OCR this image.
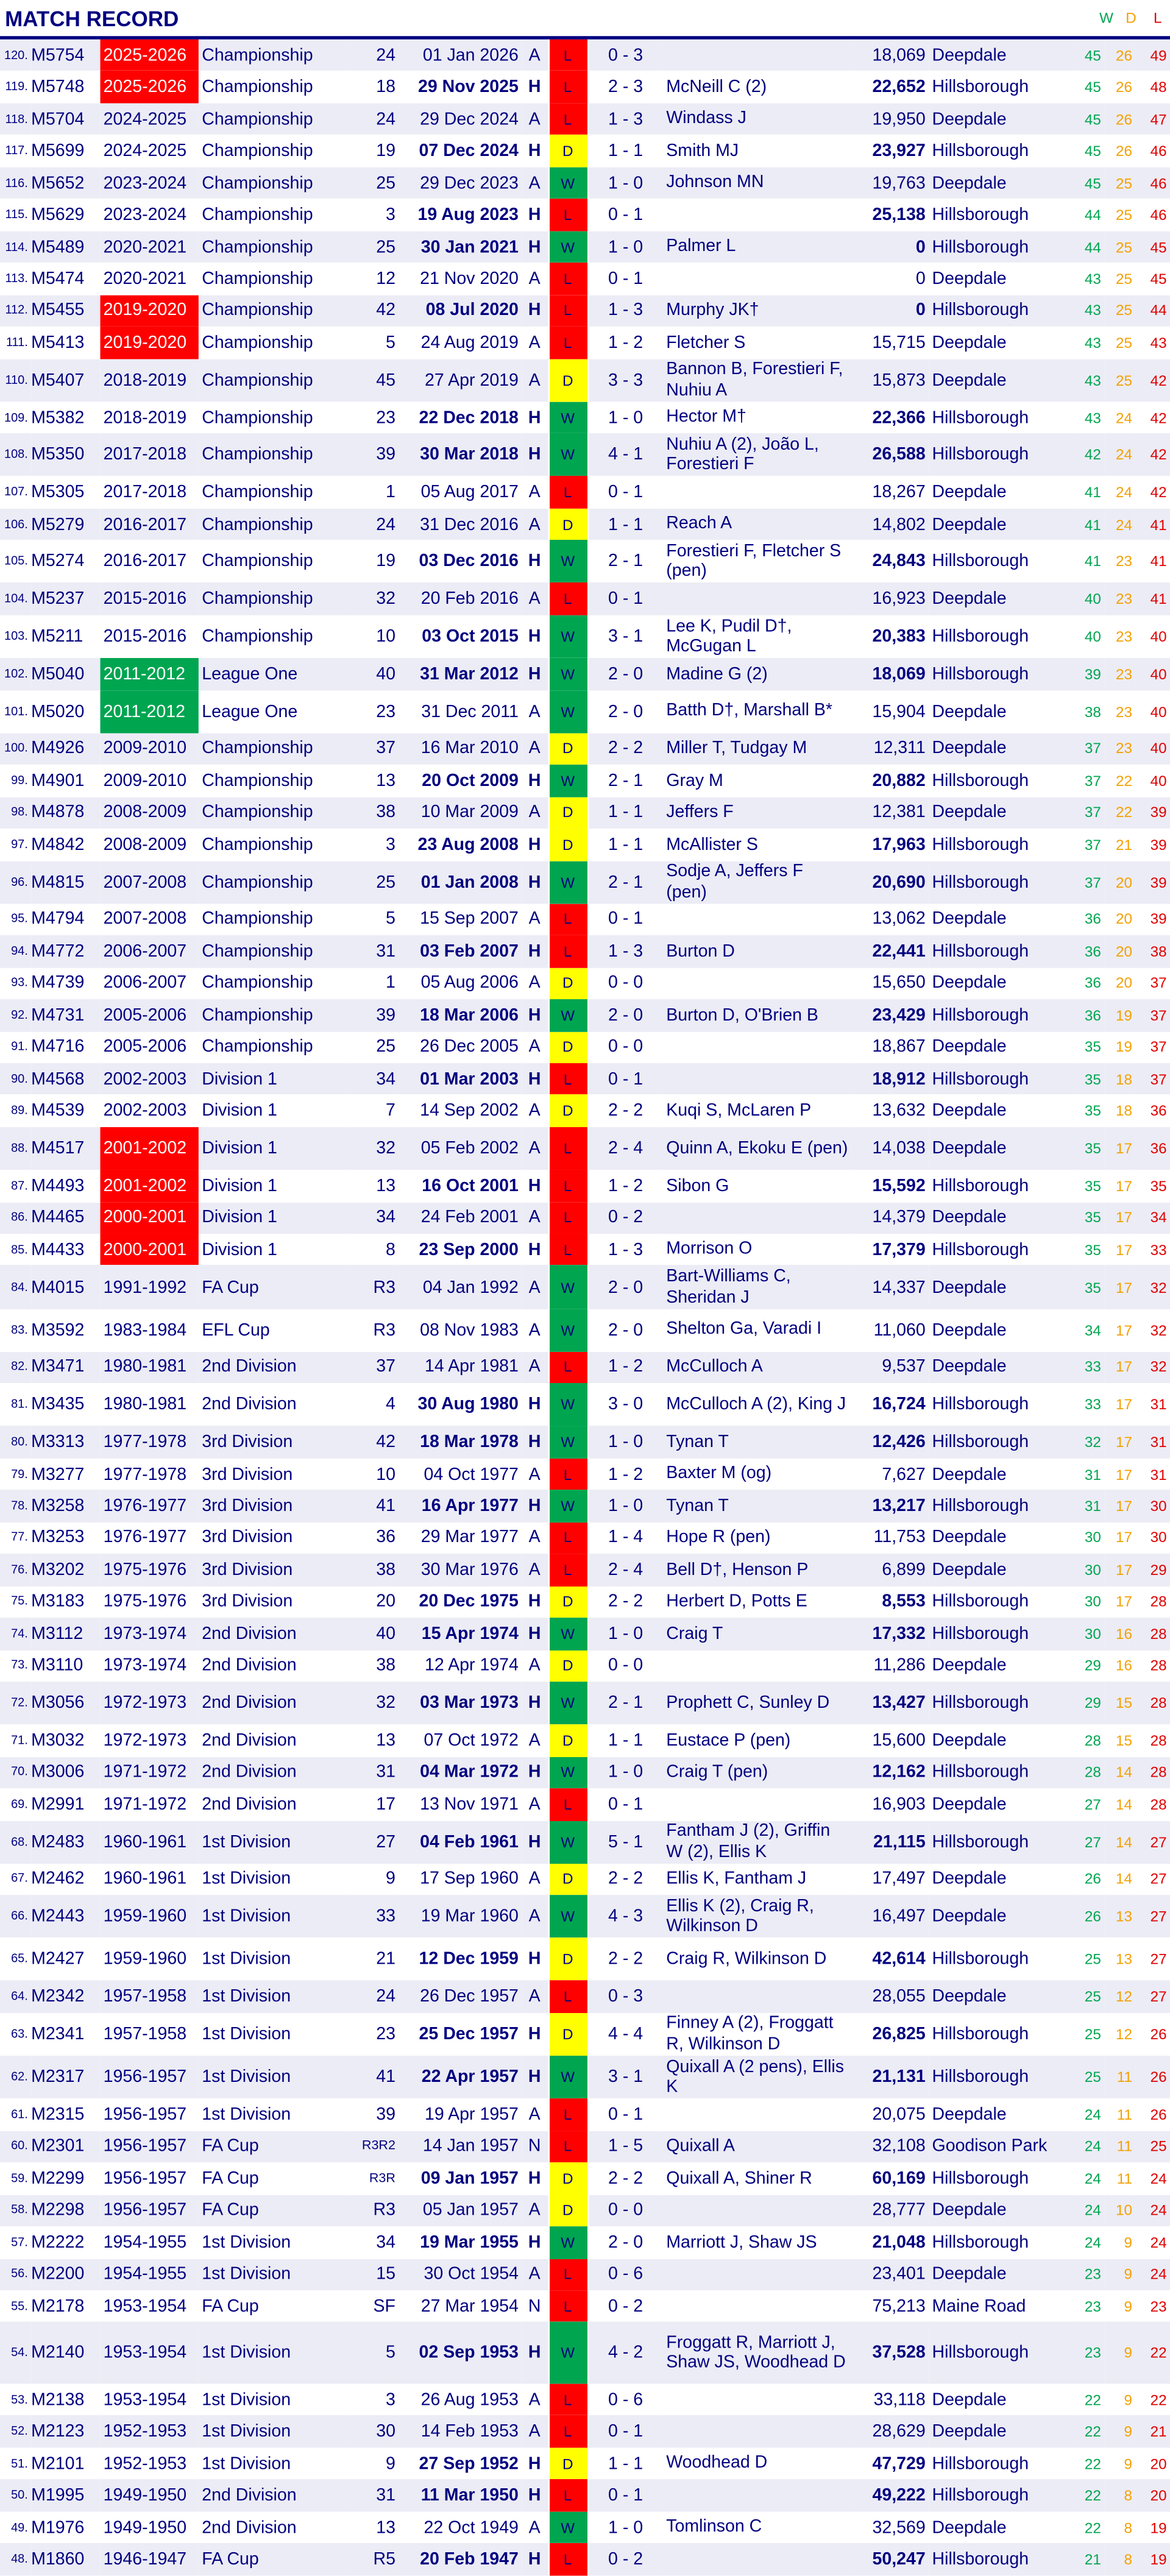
MATCH RECORD	W D	L
120.	M5754	2025-2026	Championship	24	01 Jan 2026	A	L	0 - 3		18,069	Deepdale	45	26	49
119.	M5748	2025-2026	Championship	18	29 Nov 2025	H	L	2 - 3	McNeill C (2)	22,652	Hillsborough	45	26	48
118.	M5704	2024-2025	Championship	24	29 Dec 2024	A	L	1 - 3	Windass J	19,950	Deepdale	45	26	47
117.	M5699	2024-2025	Championship	19	07 Dec 2024	H	D	1 - 1	Smith MJ	23,927	Hillsborough	45	26	46
116.	M5652	2023-2024	Championship	25	29 Dec 2023	A	W	1 - 0	Johnson MN	19,763	Deepdale	45	25	46
115.	M5629	2023-2024	Championship	3	19 Aug 2023	H	L	0 - 1		25,138	Hillsborough	44	25	46
114.	M5489	2020-2021	Championship	25	30 Jan 2021	H	W	1 - 0	Palmer L	0	Hillsborough	44	25	45
113.	M5474	2020-2021	Championship	12	21 Nov 2020	A	L	0 - 1		0	Deepdale	43	25	45
112.	M5455	2019-2020	Championship	42	08 Jul 2020	H	L	1 - 3	Murphy JK†	0	Hillsborough	43	25	44
111.	M5413	2019-2020	Championship	5	24 Aug 2019	A	L	1 - 2	Fletcher S	15,715	Deepdale	43	25	43
110.	M5407	2018-2019	Championship	45	27 Apr 2019	A	D	3 - 3	Bannon B, Forestieri F, Nuhiu A	15,873	Deepdale	43	25	42
109.	M5382	2018-2019	Championship	23	22 Dec 2018	H	W	1 - 0	Hector M†	22,366	Hillsborough	43	24	42
108.	M5350	2017-2018	Championship	39	30 Mar 2018	H	W	4 - 1	Nuhiu A (2), João L, Forestieri F	26,588	Hillsborough	42	24	42
107.	M5305	2017-2018	Championship	1	05 Aug 2017	A	L	0 - 1		18,267	Deepdale	41	24	42
106.	M5279	2016-2017	Championship	24	31 Dec 2016	A	D	1 - 1	Reach A	14,802	Deepdale	41	24	41
105.	M5274	2016-2017	Championship	19	03 Dec 2016	H	W	2 - 1	Forestieri F, Fletcher S (pen)	24,843	Hillsborough	41	23	41
104.	M5237	2015-2016	Championship	32	20 Feb 2016	A	L	0 - 1		16,923	Deepdale	40	23	41
103.	M5211	2015-2016	Championship	10	03 Oct 2015	H	W	3 - 1	Lee K, Pudil D†, McGugan L	20,383	Hillsborough	40	23	40
102.	M5040	2011-2012	League One	40	31 Mar 2012	H	W	2 - 0	Madine G (2)	18,069	Hillsborough	39	23	40
101.	M5020	2011-2012	League One	23	31 Dec 2011	A	W	2 - 0	Batth D†, Marshall B*	15,904	Deepdale	38	23	40
100.	M4926	2009-2010	Championship	37	16 Mar 2010	A	D	2 - 2	Miller T, Tudgay M	12,311	Deepdale	37	23	40
99.	M4901	2009-2010	Championship	13	20 Oct 2009	H	W	2 - 1	Gray M	20,882	Hillsborough	37	22	40
98.	M4878	2008-2009	Championship	38	10 Mar 2009	A	D	1 - 1	Jeffers F	12,381	Deepdale	37	22	39
97.	M4842	2008-2009	Championship	3	23 Aug 2008	H	D	1 - 1	McAllister S	17,963	Hillsborough	37	21	39
96.	M4815	2007-2008	Championship	25	01 Jan 2008	H	W	2 - 1	Sodje A, Jeffers F (pen)	20,690	Hillsborough	37	20	39
95.	M4794	2007-2008	Championship	5	15 Sep 2007	A	L	0 - 1		13,062	Deepdale	36	20	39
94.	M4772	2006-2007	Championship	31	03 Feb 2007	H	L	1 - 3	Burton D	22,441	Hillsborough	36	20	38
93.	M4739	2006-2007	Championship	1	05 Aug 2006	A	D	0 - 0		15,650	Deepdale	36	20	37
92.	M4731	2005-2006	Championship	39	18 Mar 2006	H	W	2 - 0	Burton D, O'Brien B	23,429	Hillsborough	36	19	37
91.	M4716	2005-2006	Championship	25	26 Dec 2005	A	D	0 - 0		18,867	Deepdale	35	19	37
90.	M4568	2002-2003	Division 1	34	01 Mar 2003	H	L	0 - 1		18,912	Hillsborough	35	18	37
89.	M4539	2002-2003	Division 1	7	14 Sep 2002	A	D	2 - 2	Kuqi S, McLaren P	13,632	Deepdale	35	18	36
88.	M4517	2001-2002	Division 1	32	05 Feb 2002	A	L	2 - 4	Quinn A, Ekoku E (pen)	14,038	Deepdale	35	17	36
87.	M4493	2001-2002	Division 1	13	16 Oct 2001	H	L	1 - 2	Sibon G	15,592	Hillsborough	35	17	35
86.	M4465	2000-2001	Division 1	34	24 Feb 2001	A	L	0 - 2		14,379	Deepdale	35	17	34
85.	M4433	2000-2001	Division 1	8	23 Sep 2000	H	L	1 - 3	Morrison O	17,379	Hillsborough	35	17	33
84.	M4015	1991-1992	FA Cup	R3	04 Jan 1992	A	W	2 - 0	Bart-Williams C, Sheridan J	14,337	Deepdale	35	17	32
83.	M3592	1983-1984	EFL Cup	R3	08 Nov 1983	A	W	2 - 0	Shelton Ga, Varadi I	11,060	Deepdale	34	17	32
82.	M3471	1980-1981	2nd Division	37	14 Apr 1981	A	L	1 - 2	McCulloch A	9,537	Deepdale	33	17	32
81.	M3435	1980-1981	2nd Division	4	30 Aug 1980	H	W	3 - 0	McCulloch A (2), King J	16,724	Hillsborough	33	17	31
80.	M3313	1977-1978	3rd Division	42	18 Mar 1978	H	W	1 - 0	Tynan T	12,426	Hillsborough	32	17	31
79.	M3277	1977-1978	3rd Division	10	04 Oct 1977	A	L	1 - 2	Baxter M (og)	7,627	Deepdale	31	17	31
78.	M3258	1976-1977	3rd Division	41	16 Apr 1977	H	W	1 - 0	Tynan T	13,217	Hillsborough	31	17	30
77.	M3253	1976-1977	3rd Division	36	29 Mar 1977	A	L	1 - 4	Hope R (pen)	11,753	Deepdale	30	17	30
76.	M3202	1975-1976	3rd Division	38	30 Mar 1976	A	L	2 - 4	Bell D†, Henson P	6,899	Deepdale	30	17	29
75.	M3183	1975-1976	3rd Division	20	20 Dec 1975	H	D	2 - 2	Herbert D, Potts E	8,553	Hillsborough	30	17	28
74.	M3112	1973-1974	2nd Division	40	15 Apr 1974	H	W	1 - 0	Craig T	17,332	Hillsborough	30	16	28
73.	M3110	1973-1974	2nd Division	38	12 Apr 1974	A	D	0 - 0		11,286	Deepdale	29	16	28
72.	M3056	1972-1973	2nd Division	32	03 Mar 1973	H	W	2 - 1	Prophett C, Sunley D	13,427	Hillsborough	29	15	28
71.	M3032	1972-1973	2nd Division	13	07 Oct 1972	A	D	1 - 1	Eustace P (pen)	15,600	Deepdale	28	15	28
70.	M3006	1971-1972	2nd Division	31	04 Mar 1972	H	W	1 - 0	Craig T (pen)	12,162	Hillsborough	28	14	28
69.	M2991	1971-1972	2nd Division	17	13 Nov 1971	A	L	0 - 1		16,903	Deepdale	27	14	28
68.	M2483	1960-1961	1st Division	27	04 Feb 1961	H	W	5 - 1	Fantham J (2), Griffin W (2), Ellis K	21,115	Hillsborough	27	14	27
67.	M2462	1960-1961	1st Division	9	17 Sep 1960	A	D	2 - 2	Ellis K, Fantham J	17,497	Deepdale	26	14	27
66.	M2443	1959-1960	1st Division	33	19 Mar 1960	A	W	4 - 3	Ellis K (2), Craig R, Wilkinson D	16,497	Deepdale	26	13	27
65.	M2427	1959-1960	1st Division	21	12 Dec 1959	H	D	2 - 2	Craig R, Wilkinson D	42,614	Hillsborough	25	13	27
64.	M2342	1957-1958	1st Division	24	26 Dec 1957	A	L	0 - 3		28,055	Deepdale	25	12	27
63.	M2341	1957-1958	1st Division	23	25 Dec 1957	H	D	4 - 4	Finney A (2), Froggatt R, Wilkinson D	26,825	Hillsborough	25	12	26
62.	M2317	1956-1957	1st Division	41	22 Apr 1957	H	W	3 - 1	Quixall A (2 pens), Ellis K	21,131	Hillsborough	25	11	26
61.	M2315	1956-1957	1st Division	39	19 Apr 1957	A	L	0 - 1		20,075	Deepdale	24	11	26
60.	M2301	1956-1957	FA Cup	R3R2	14 Jan 1957	N	L	1 - 5	Quixall A	32,108	Goodison Park	24	11	25
59.	M2299	1956-1957	FA Cup	R3R	09 Jan 1957	H	D	2 - 2	Quixall A, Shiner R	60,169	Hillsborough	24	11	24
58.	M2298	1956-1957	FA Cup	R3	05 Jan 1957	A	D	0 - 0		28,777	Deepdale	24	10	24
57.	M2222	1954-1955	1st Division	34	19 Mar 1955	H	W	2 - 0	Marriott J, Shaw JS	21,048	Hillsborough	24	9	24
56.	M2200	1954-1955	1st Division	15	30 Oct 1954	A	L	0 - 6		23,401	Deepdale	23	9	24
55.	M2178	1953-1954	FA Cup	SF	27 Mar 1954	N	L	0 - 2		75,213	Maine Road	23	9	23
54.	M2140	1953-1954	1st Division	5	02 Sep 1953	H	W	4 - 2	Froggatt R, Marriott J, Shaw JS, Woodhead D	37,528	Hillsborough	23	9	22
53.	M2138	1953-1954	1st Division	3	26 Aug 1953	A	L	0 - 6		33,118	Deepdale	22	9	22
52.	M2123	1952-1953	1st Division	30	14 Feb 1953	A	L	0 - 1		28,629	Deepdale	22	9	21
51.	M2101	1952-1953	1st Division	9	27 Sep 1952	H	D	1 - 1	Woodhead D	47,729	Hillsborough	22	9	20
50.	M1995	1949-1950	2nd Division	31	11 Mar 1950	H	L	0 - 1		49,222	Hillsborough	22	8	20
49.	M1976	1949-1950	2nd Division	13	22 Oct 1949	A	W	1 - 0	Tomlinson C	32,569	Deepdale	22	8	19
48.	M1860	1946-1947	FA Cup	R5	20 Feb 1947	H	L	0 - 2		50,247	Hillsborough	21	8	19
